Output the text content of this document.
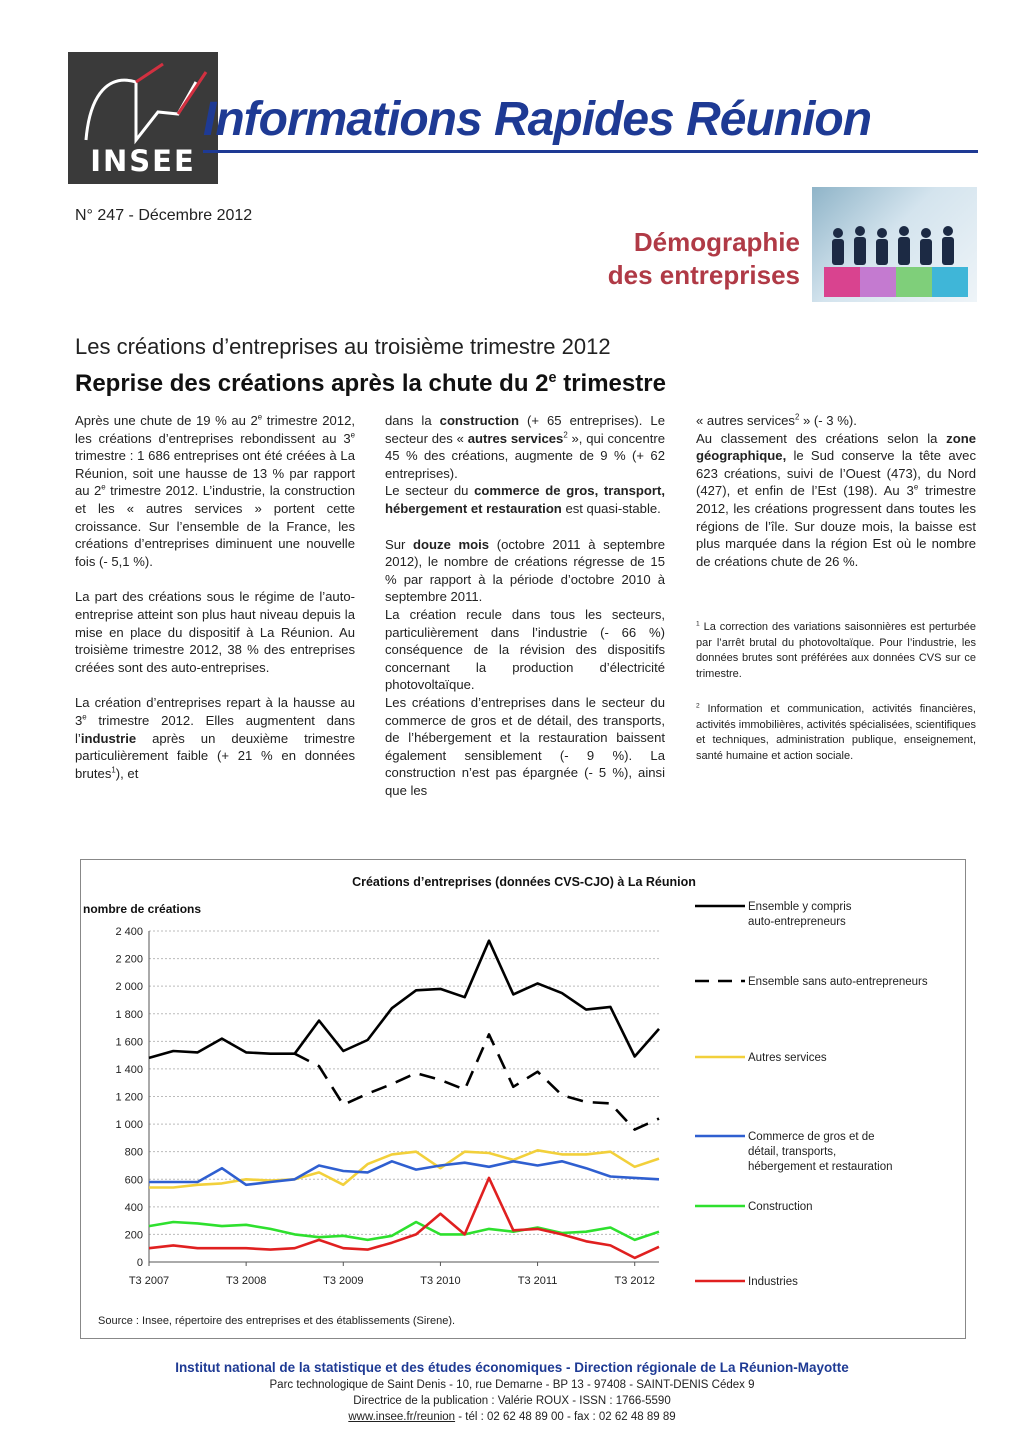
INSEE
Informations Rapides Réunion
N° 247 - Décembre 2012
Démographie
des entreprises
Les créations d’entreprises au troisième trimestre 2012
Reprise des créations après la chute du 2e trimestre

Après une chute de 19 % au 2e trimestre 2012, les créations d’entreprises rebondissent au 3e trimestre : 1 686 entreprises ont été créées à La Réunion, soit une hausse de 13 % par rapport au 2e trimestre 2012. L’industrie, la construction et les « autres services » portent cette croissance. Sur l’ensemble de la France, les créations d’entreprises diminuent une nouvelle fois (- 5,1 %).

La part des créations sous le régime de l’auto-entreprise atteint son plus haut niveau depuis la mise en place du dispositif à La Réunion. Au troisième trimestre 2012, 38 % des entreprises créées sont des auto-entreprises.

La création d’entreprises repart à la hausse au 3e trimestre 2012. Elles augmentent dans l’industrie après un deuxième trimestre particulièrement faible (+ 21 % en données brutes$^1$), et

dans la construction (+ 65 entreprises). Le secteur des « autres services$^2$ », qui concentre 45 % des créations, augmente de 9 % (+ 62 entreprises).

Le secteur du commerce de gros, transport, hébergement et restauration est quasi-stable.

Sur douze mois (octobre 2011 à septembre 2012), le nombre de créations régresse de 15 % par rapport à la période d’octobre 2010 à septembre 2011.

La création recule dans tous les secteurs, particulièrement dans l’industrie (- 66 %) conséquence de la révision des dispositifs concernant la production d’électricité photovoltaïque.

Les créations d’entreprises dans le secteur du commerce de gros et de détail, des transports, de l’hébergement et la restauration baissent également sensiblement (- 9 %). La construction n’est pas épargnée (- 5 %), ainsi que les

« autres services$^2$ » (- 3 %).

Au classement des créations selon la zone géographique, le Sud conserve la tête avec 623 créations, suivi de l’Ouest (473), du Nord (427), et enfin de l’Est (198). Au 3e trimestre 2012, les créations progressent dans toutes les régions de l’île. Sur douze mois, la baisse est plus marquée dans la région Est où le nombre de créations chute de 26 %.

$^1$ La correction des variations saisonnières est perturbée par l’arrêt brutal du photovoltaïque. Pour l’industrie, les données brutes sont préférées aux données CVS sur ce trimestre.

$^2$ Information et communication, activités financières, activités immobilières, activités spécialisées, scientifiques et techniques, administration publique, enseignement, santé humaine et action sociale.

Créations d’entreprises (données CVS-CJO) à La Réunion
nombre de créations
0
200
400
600
800
1 000
1 200
1 400
1 600
1 800
2 000
2 200
2 400
T3 2007	T3 2008	T3 2009	T3 2010	T3 2011	T3 2012
Ensemble y compris
auto-entrepreneurs
Ensemble sans auto-entrepreneurs
Autres services
Commerce de gros et de
détail, transports,
hébergement et restauration
Construction
Industries
Source : Insee, répertoire des entreprises et des établissements (Sirene).
Institut national de la statistique et des études économiques - Direction régionale de La Réunion-Mayotte
Parc technologique de Saint Denis - 10, rue Demarne - BP 13 - 97408 - SAINT-DENIS Cédex 9
Directrice de la publication : Valérie ROUX - ISSN : 1766-5590
www.insee.fr/reunion - tél : 02 62 48 89 00 - fax : 02 62 48 89 89
